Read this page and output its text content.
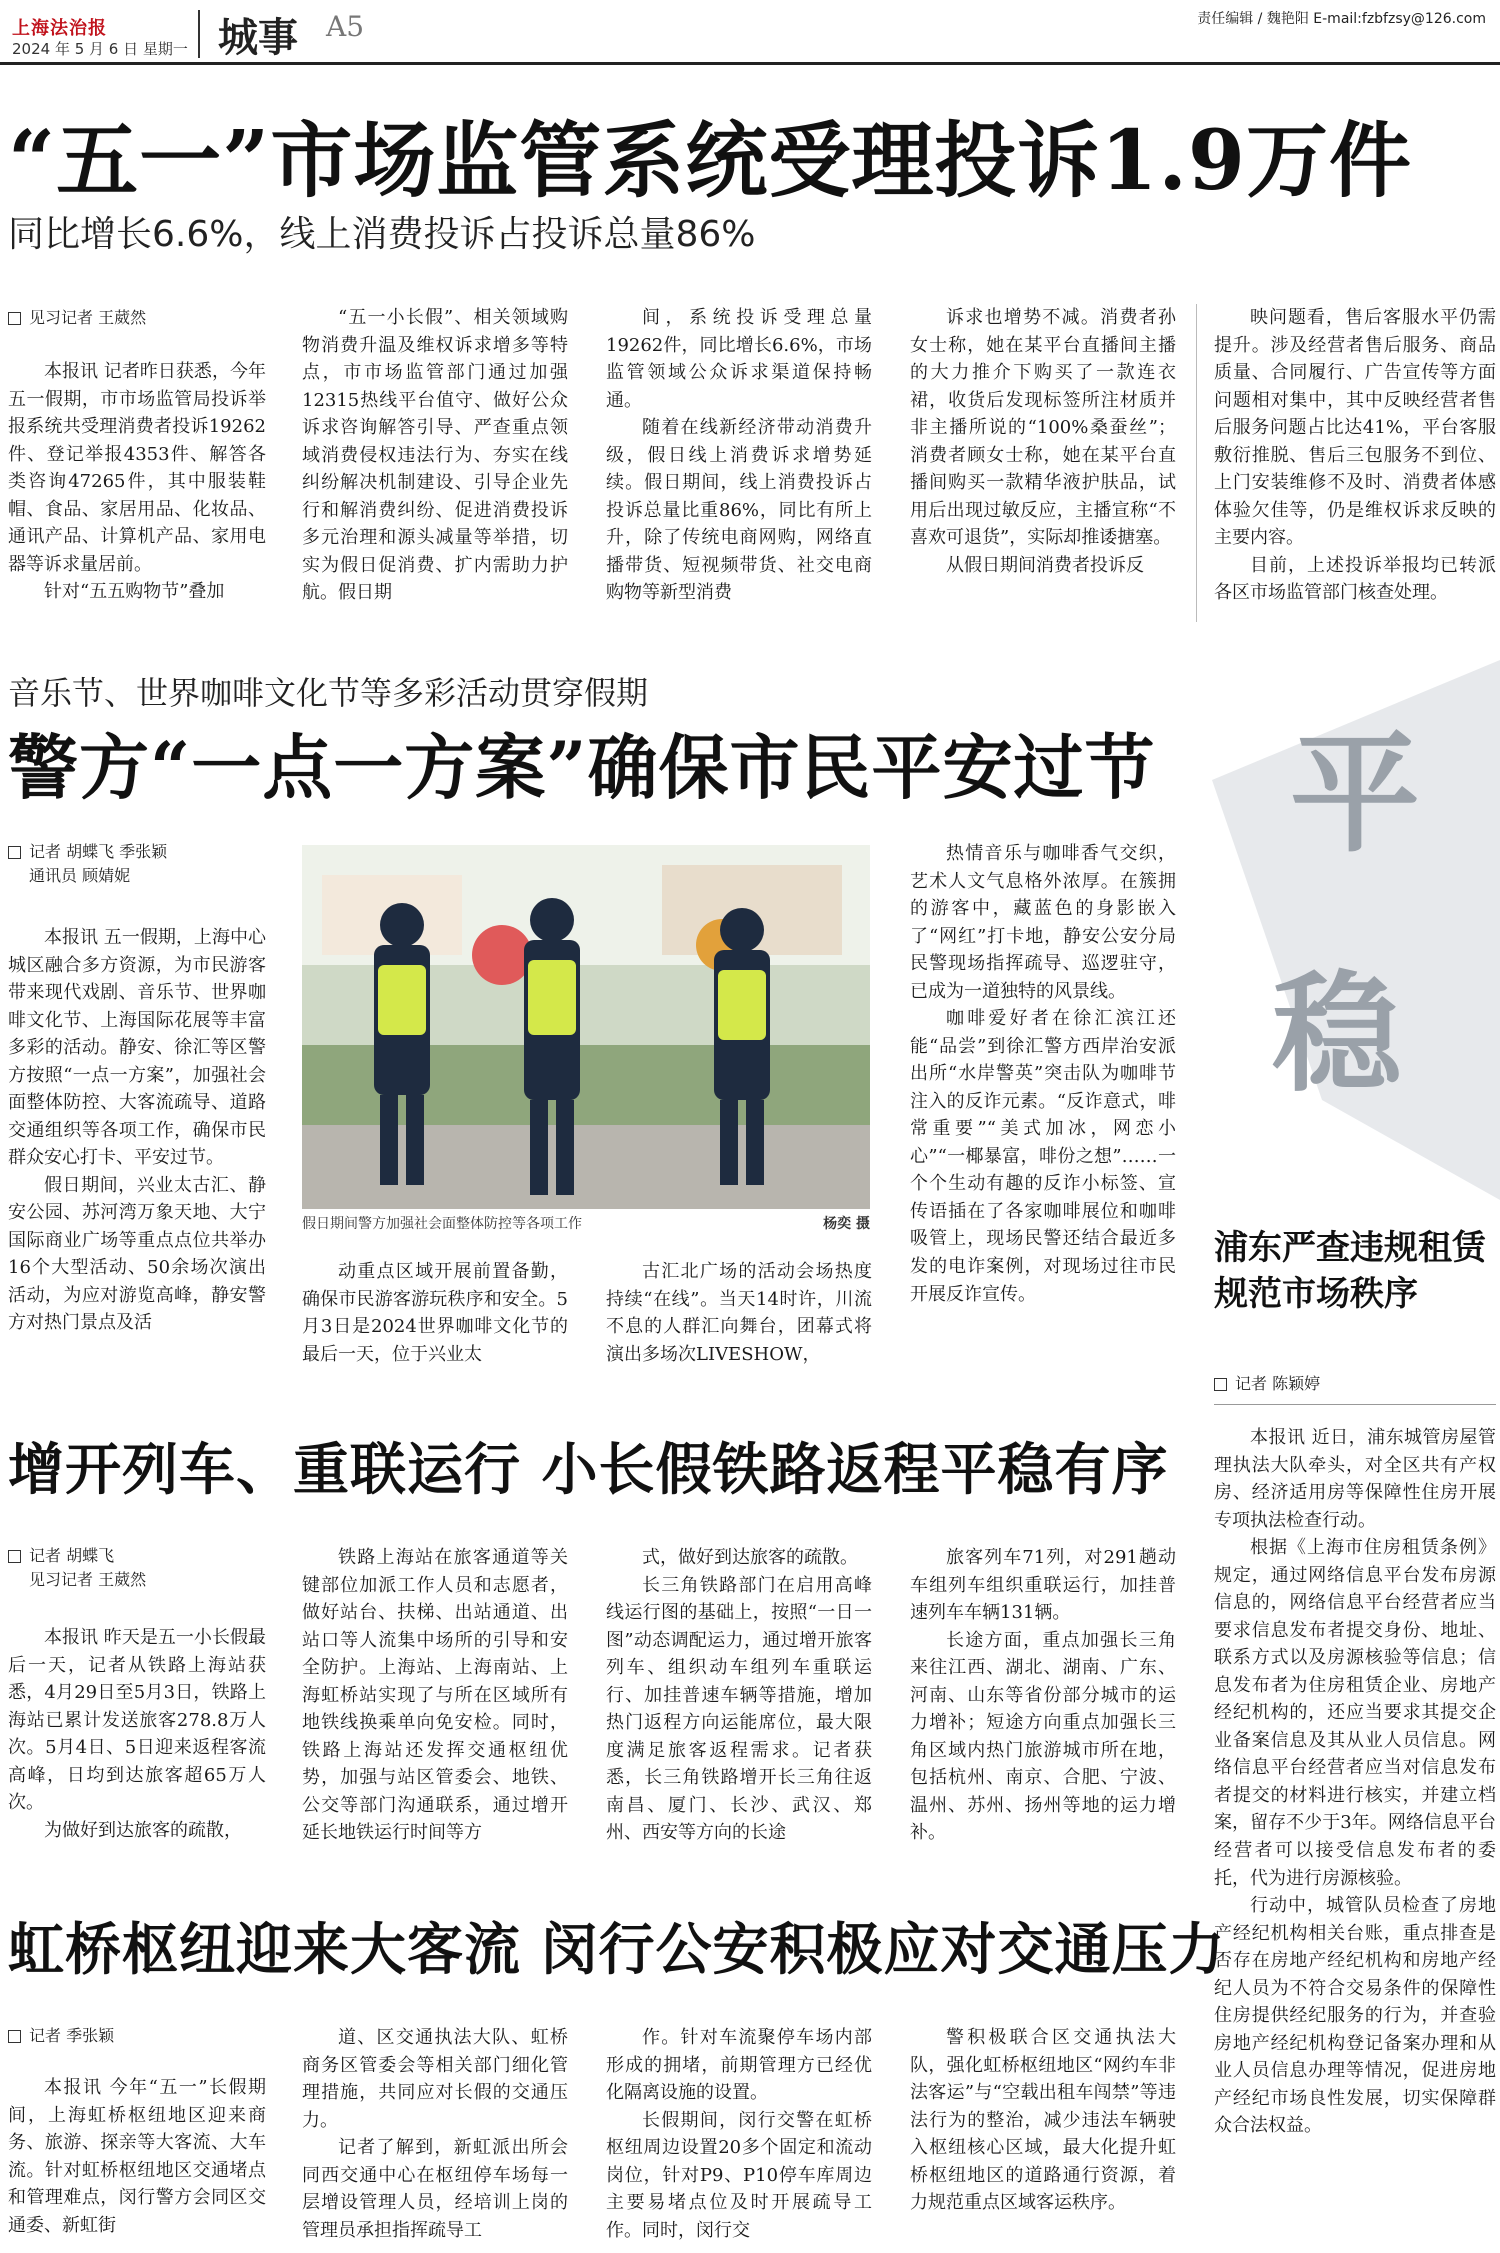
上海法治报
2024 年 5 月 6 日 星期一 城事 A5	责任编辑 / 魏艳阳 E-mail:fzbfzsy@126.com
“五一”市场监管系统受理投诉1.9万件
同比增长6.6%，线上消费投诉占投诉总量86%
见习记者 王葳然
本报讯 记者昨日获悉，今年五一假期，市市场监管局投诉举报系统共受理消费者投诉19262件、登记举报4353件、解答各类咨询47265件，其中服装鞋帽、食品、家居用品、化妆品、通讯产品、计算机产品、家用电器等诉求量居前。
针对“五五购物节”叠加
“五一小长假”、相关领域购物消费升温及维权诉求增多等特点，市市场监管部门通过加强12315热线平台值守、做好公众诉求咨询解答引导、严查重点领域消费侵权违法行为、夯实在线纠纷解决机制建设、引导企业先行和解消费纠纷、促进消费投诉多元治理和源头减量等举措，切实为假日促消费、扩内需助力护航。假日期
间，系统投诉受理总量19262件，同比增长6.6%，市场监管领域公众诉求渠道保持畅通。
随着在线新经济带动消费升级，假日线上消费诉求增势延续。假日期间，线上消费投诉占投诉总量比重86%，同比有所上升，除了传统电商网购，网络直播带货、短视频带货、社交电商购物等新型消费
诉求也增势不减。消费者孙女士称，她在某平台直播间主播的大力推介下购买了一款连衣裙，收货后发现标签所注材质并非主播所说的“100%桑蚕丝”；消费者顾女士称，她在某平台直播间购买一款精华液护肤品，试用后出现过敏反应，主播宣称“不喜欢可退货”，实际却推诿搪塞。
从假日期间消费者投诉反
映问题看，售后客服水平仍需提升。涉及经营者售后服务、商品质量、合同履行、广告宣传等方面问题相对集中，其中反映经营者售后服务问题占比达41%，平台客服敷衍推脱、售后三包服务不到位、上门安装维修不及时、消费者体感体验欠佳等，仍是维权诉求反映的主要内容。
目前，上述投诉举报均已转派各区市场监管部门核查处理。
音乐节、世界咖啡文化节等多彩活动贯穿假期
警方“一点一方案”确保市民平安过节
记者 胡蝶飞 季张颖
通讯员 顾婧妮
本报讯 五一假期，上海中心城区融合多方资源，为市民游客带来现代戏剧、音乐节、世界咖啡文化节、上海国际花展等丰富多彩的活动。静安、徐汇等区警方按照“一点一方案”，加强社会面整体防控、大客流疏导、道路交通组织等各项工作，确保市民群众安心打卡、平安过节。
假日期间，兴业太古汇、静安公园、苏河湾万象天地、大宁国际商业广场等重点点位共举办16个大型活动、50余场次演出活动，为应对游览高峰，静安警方对热门景点及活
假日期间警方加强社会面整体防控等各项工作	杨奕 摄
动重点区域开展前置备勤，确保市民游客游玩秩序和安全。5月3日是2024世界咖啡文化节的最后一天，位于兴业太
古汇北广场的活动会场热度持续“在线”。当天14时许，川流不息的人群汇向舞台，团幕式将演出多场次LIVESHOW，
热情音乐与咖啡香气交织，艺术人文气息格外浓厚。在簇拥的游客中，藏蓝色的身影嵌入了“网红”打卡地，静安公安分局民警现场指挥疏导、巡逻驻守，已成为一道独特的风景线。
咖啡爱好者在徐汇滨江还能“品尝”到徐汇警方西岸治安派出所“水岸警英”突击队为咖啡节注入的反诈元素。“反诈意式，啡常重要”“美式加冰，网恋小心”“一椰暴富，啡份之想”……一个个生动有趣的反诈小标签、宣传语插在了各家咖啡展位和咖啡吸管上，现场民警还结合最近多发的电诈案例，对现场过往市民开展反诈宣传。
平
稳
增开列车、重联运行 小长假铁路返程平稳有序
记者 胡蝶飞
见习记者 王葳然
本报讯 昨天是五一小长假最后一天，记者从铁路上海站获悉，4月29日至5月3日，铁路上海站已累计发送旅客278.8万人次。5月4日、5日迎来返程客流高峰，日均到达旅客超65万人次。
为做好到达旅客的疏散，
铁路上海站在旅客通道等关键部位加派工作人员和志愿者，做好站台、扶梯、出站通道、出站口等人流集中场所的引导和安全防护。上海站、上海南站、上海虹桥站实现了与所在区域所有地铁线换乘单向免安检。同时，铁路上海站还发挥交通枢纽优势，加强与站区管委会、地铁、公交等部门沟通联系，通过增开延长地铁运行时间等方
式，做好到达旅客的疏散。
长三角铁路部门在启用高峰线运行图的基础上，按照“一日一图”动态调配运力，通过增开旅客列车、组织动车组列车重联运行、加挂普速车辆等措施，增加热门返程方向运能席位，最大限度满足旅客返程需求。记者获悉，长三角铁路增开长三角往返南昌、厦门、长沙、武汉、郑州、西安等方向的长途
旅客列车71列，对291趟动车组列车组织重联运行，加挂普速列车车辆131辆。
长途方面，重点加强长三角来往江西、湖北、湖南、广东、河南、山东等省份部分城市的运力增补；短途方向重点加强长三角区域内热门旅游城市所在地，包括杭州、南京、合肥、宁波、温州、苏州、扬州等地的运力增补。
虹桥枢纽迎来大客流 闵行公安积极应对交通压力
记者 季张颖
本报讯 今年“五一”长假期间，上海虹桥枢纽地区迎来商务、旅游、探亲等大客流、大车流。针对虹桥枢纽地区交通堵点和管理难点，闵行警方会同区交通委、新虹街
道、区交通执法大队、虹桥商务区管委会等相关部门细化管理措施，共同应对长假的交通压力。
记者了解到，新虹派出所会同西交通中心在枢纽停车场每一层增设管理人员，经培训上岗的管理员承担指挥疏导工
作。针对车流聚停车场内部形成的拥堵，前期管理方已经优化隔离设施的设置。
长假期间，闵行交警在虹桥枢纽周边设置20多个固定和流动岗位，针对P9、P10停车库周边主要易堵点位及时开展疏导工作。同时，闵行交
警积极联合区交通执法大队，强化虹桥枢纽地区“网约车非法客运”与“空载出租车闯禁”等违法行为的整治，减少违法车辆驶入枢纽核心区域，最大化提升虹桥枢纽地区的道路通行资源，着力规范重点区域客运秩序。
浦东严查违规租赁规范市场秩序
记者 陈颖婷
本报讯 近日，浦东城管房屋管理执法大队牵头，对全区共有产权房、经济适用房等保障性住房开展专项执法检查行动。
根据《上海市住房租赁条例》规定，通过网络信息平台发布房源信息的，网络信息平台经营者应当要求信息发布者提交身份、地址、联系方式以及房源核验等信息；信息发布者为住房租赁企业、房地产经纪机构的，还应当要求其提交企业备案信息及其从业人员信息。网络信息平台经营者应当对信息发布者提交的材料进行核实，并建立档案，留存不少于3年。网络信息平台经营者可以接受信息发布者的委托，代为进行房源核验。
行动中，城管队员检查了房地产经纪机构相关台账，重点排查是否存在房地产经纪机构和房地产经纪人员为不符合交易条件的保障性住房提供经纪服务的行为，并查验房地产经纪机构登记备案办理和从业人员信息办理等情况，促进房地产经纪市场良性发展，切实保障群众合法权益。
